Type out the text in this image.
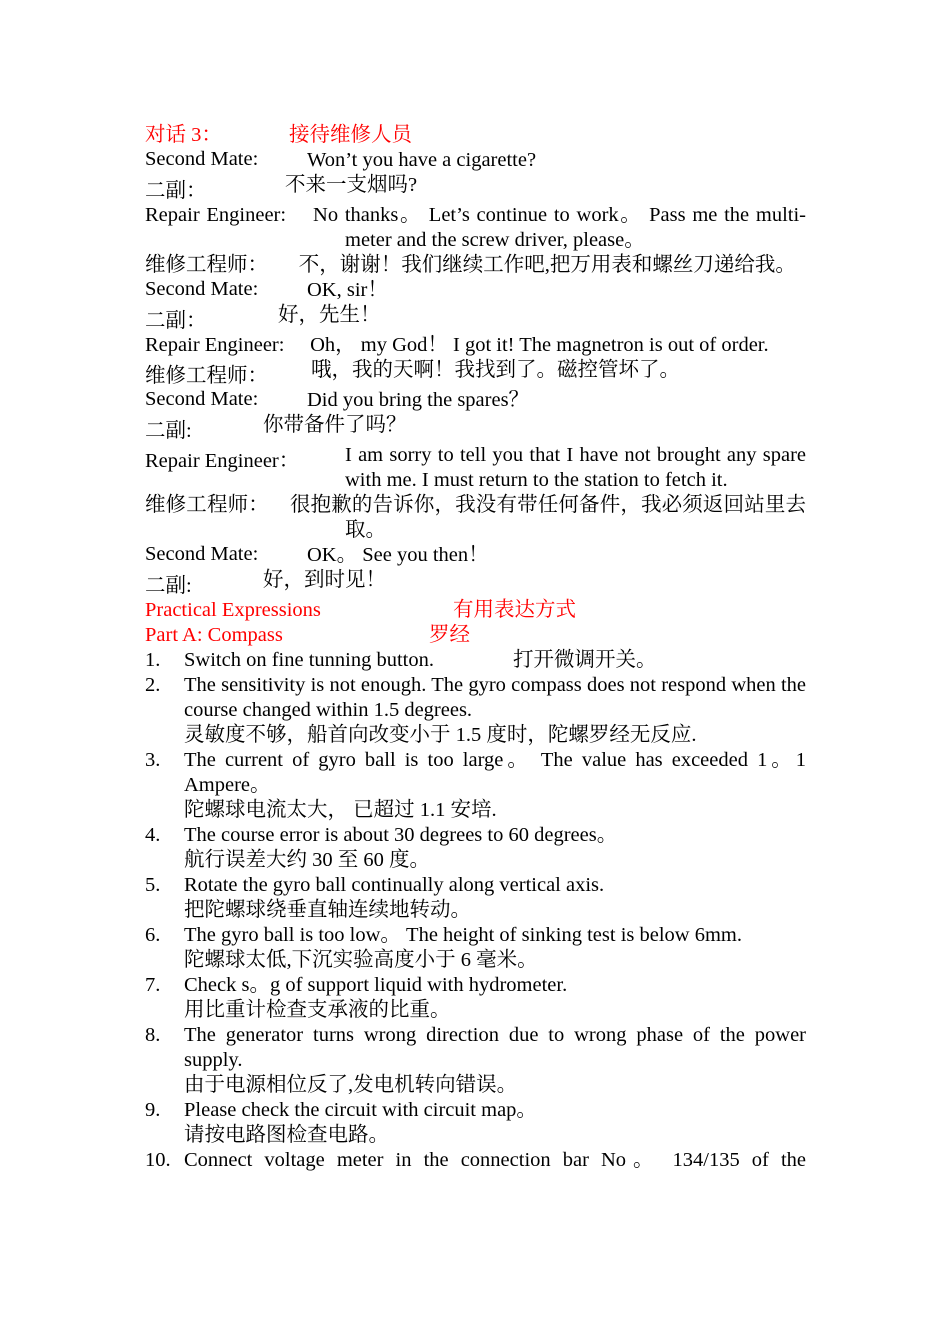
对话 3：	接待维修人员
Second Mate:	Won’t you have a cigarette?
二副：	不来一支烟吗?
Repair Engineer: No thanks。 Let’s continue to work。 Pass me the multi-meter and the screw driver, please。
维修工程师： 不，谢谢！我们继续工作吧,把万用表和螺丝刀递给我。
Second Mate:	OK, sir！
二副：	好，先生！
Repair Engineer: Oh， my God！ I got it! The magnetron is out of order.
维修工程师：	哦，我的天啊！我找到了。磁控管坏了。
Second Mate:	Did you bring the spares？
二副:	你带备件了吗？
Repair Engineer：	I am sorry to tell you that I have not brought any spare with me. I must return to the station to fetch it.
维修工程师： 很抱歉的告诉你，我没有带任何备件，我必须返回站里去取。
Second Mate:	OK。 See you then！
二副:	好，到时见！
Practical Expressions	有用表达方式
Part A: Compass	罗经
1.	Switch on fine tunning button.	打开微调开关。
2.	The sensitivity is not enough. The gyro compass does not respond when the course changed within 1.5 degrees.
灵敏度不够，船首向改变小于 1.5 度时，陀螺罗经无反应.
3.	The current of gyro ball is too large。 The value has exceeded 1。1 Ampere。
陀螺球电流太大， 已超过 1.1 安培.
4.	The course error is about 30 degrees to 60 degrees。
航行误差大约 30 至 60 度。
5.	Rotate the gyro ball continually along vertical axis.
把陀螺球绕垂直轴连续地转动。
6.	The gyro ball is too low。 The height of sinking test is below 6mm.
陀螺球太低,下沉实验高度小于 6 毫米。
7.	Check s。g of support liquid with hydrometer.
用比重计检查支承液的比重。
8.	The generator turns wrong direction due to wrong phase of the power supply.
由于电源相位反了,发电机转向错误。
9.	Please check the circuit with circuit map。
请按电路图检查电路。
10. Connect voltage meter in the connection bar No。 134/135 of the
